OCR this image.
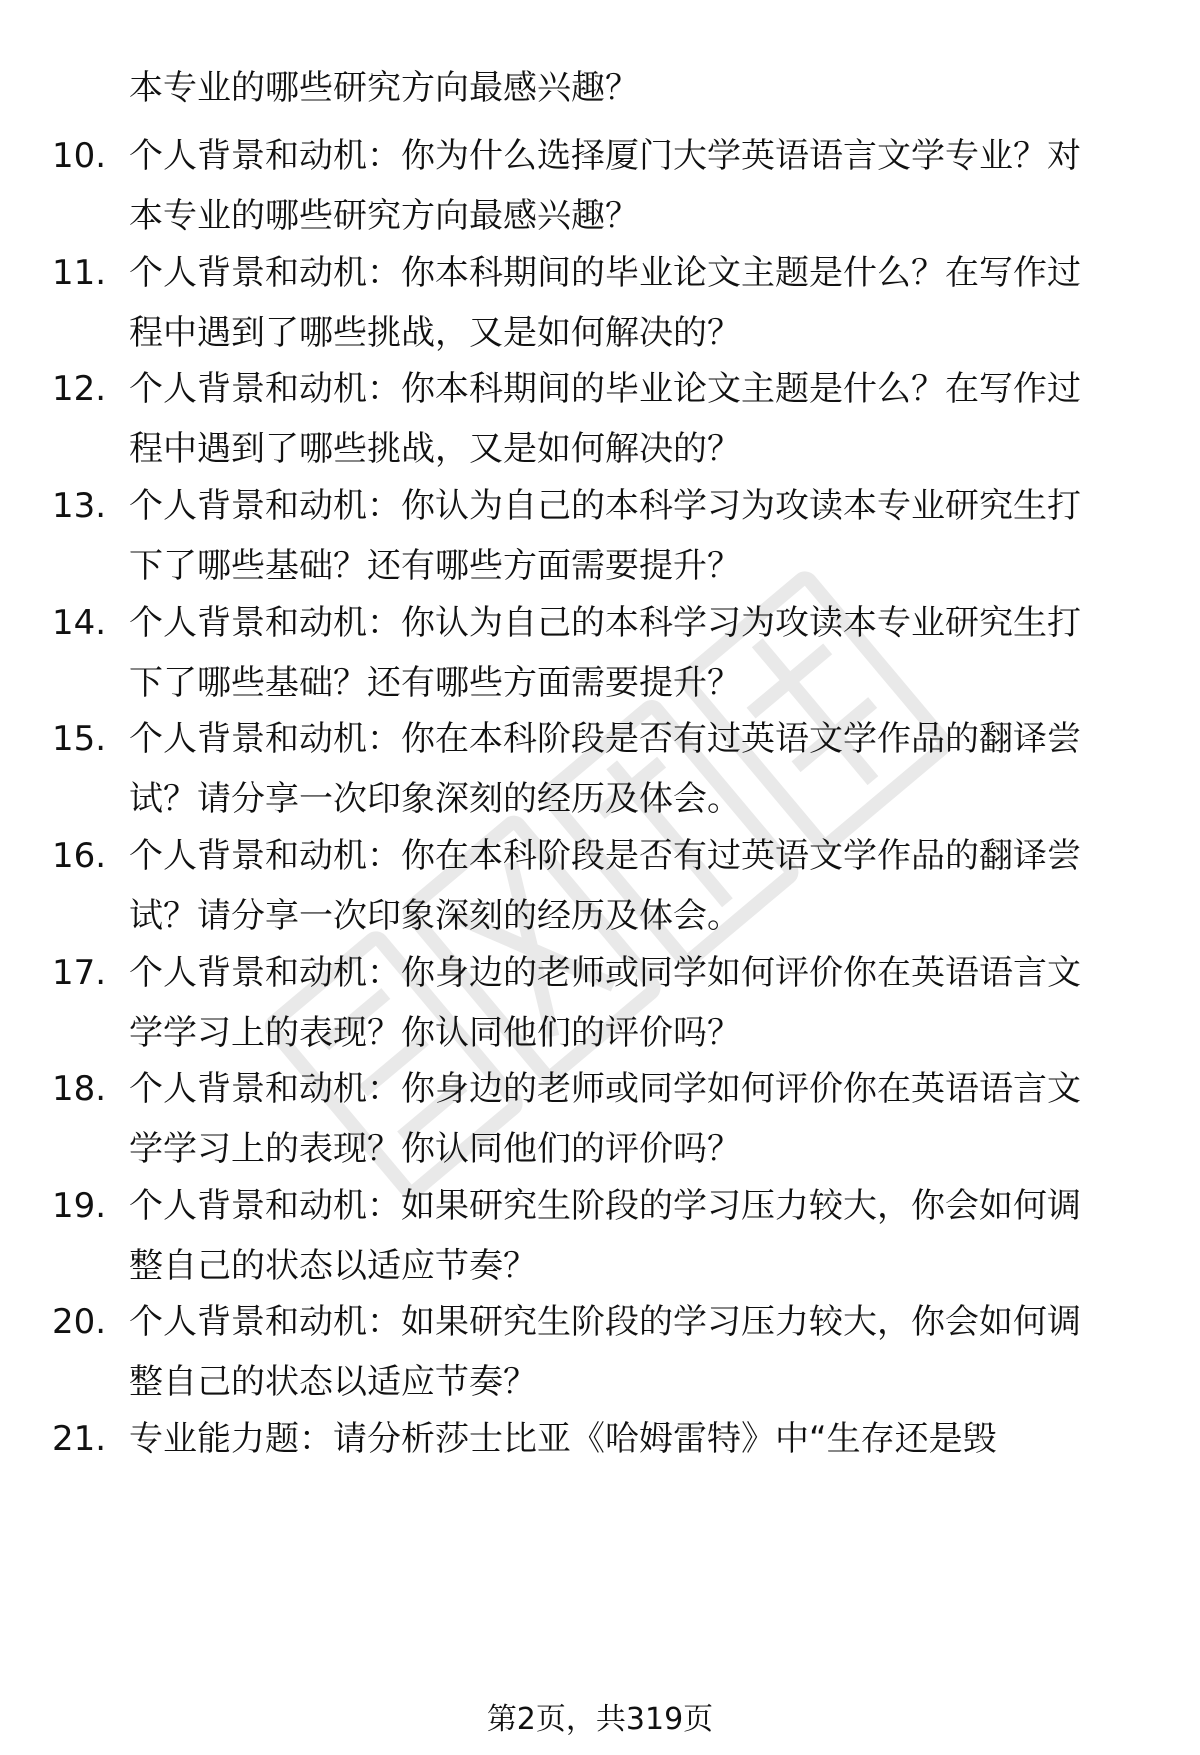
本专业的哪些研究方向最感兴趣？
10. 个人背景和动机：你为什么选择厦门大学英语语言文学专业？对
本专业的哪些研究方向最感兴趣？
11. 个人背景和动机：你本科期间的毕业论文主题是什么？在写作过
程中遇到了哪些挑战，又是如何解决的？
12. 个人背景和动机：你本科期间的毕业论文主题是什么？在写作过
程中遇到了哪些挑战，又是如何解决的？
13. 个人背景和动机：你认为自己的本科学习为攻读本专业研究生打
下了哪些基础？还有哪些方面需要提升？
14. 个人背景和动机：你认为自己的本科学习为攻读本专业研究生打
下了哪些基础？还有哪些方面需要提升？
15. 个人背景和动机：你在本科阶段是否有过英语文学作品的翻译尝
试？请分享一次印象深刻的经历及体会。
16. 个人背景和动机：你在本科阶段是否有过英语文学作品的翻译尝
试？请分享一次印象深刻的经历及体会。
17. 个人背景和动机：你身边的老师或同学如何评价你在英语语言文
学学习上的表现？你认同他们的评价吗？
18. 个人背景和动机：你身边的老师或同学如何评价你在英语语言文
学学习上的表现？你认同他们的评价吗？
19. 个人背景和动机：如果研究生阶段的学习压力较大，你会如何调
整自己的状态以适应节奏？
20. 个人背景和动机：如果研究生阶段的学习压力较大，你会如何调
整自己的状态以适应节奏？
21. 专业能力题：请分析莎士比亚《哈姆雷特》中“生存还是毁
第2页，共319页
